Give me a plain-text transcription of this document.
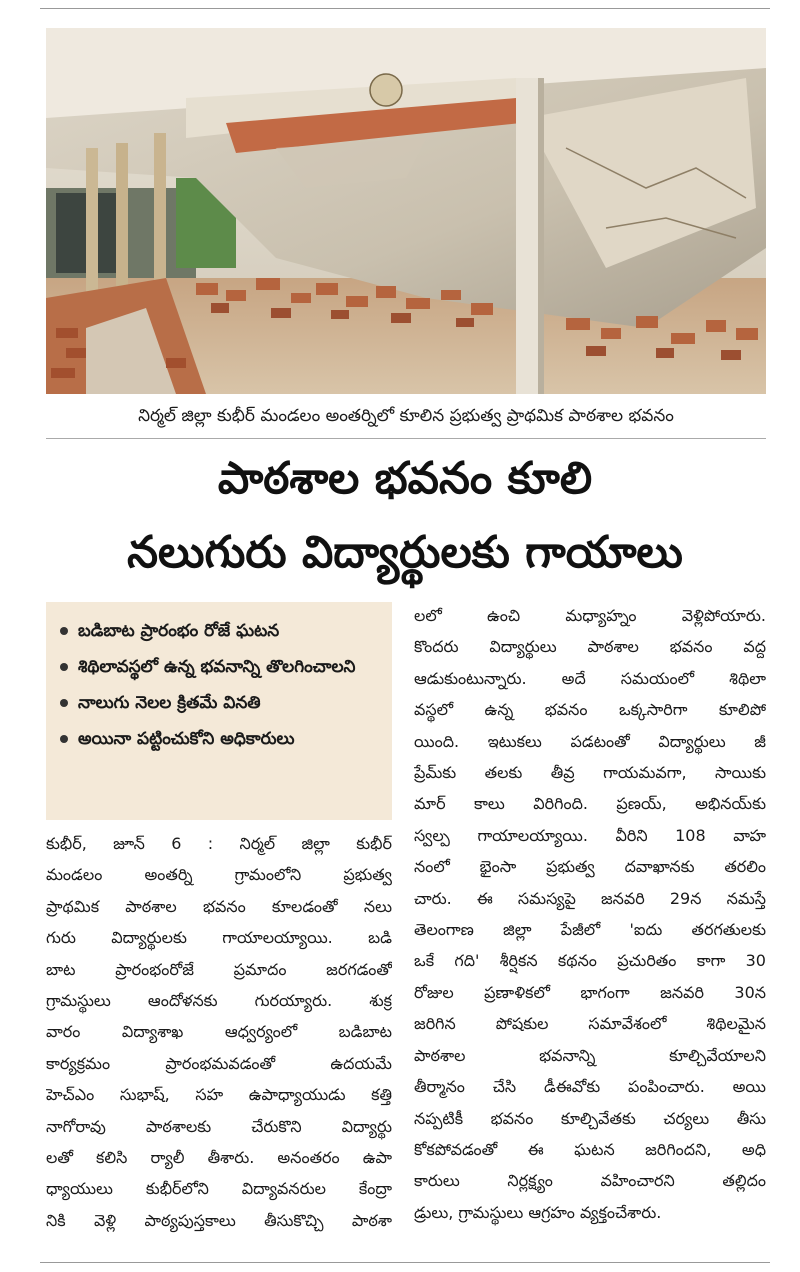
నిర్మల్ జిల్లా కుభీర్ మండలం అంతర్నిలో కూలిన ప్రభుత్వ ప్రాథమిక పాఠశాల భవనం
పాఠశాల భవనం కూలి
నలుగురు విద్యార్థులకు గాయాలు
బడిబాట ప్రారంభం రోజే ఘటన
శిథిలావస్థలో ఉన్న భవనాన్ని తొలగించాలని
నాలుగు నెలల క్రితమే వినతి
అయినా పట్టించుకోని అధికారులు
కుభీర్, జూన్ 6 : నిర్మల్ జిల్లా కుభీర్
మండలం అంతర్ని గ్రామంలోని ప్రభుత్వ
ప్రాథమిక పాఠశాల భవనం కూలడంతో నలు
గురు విద్యార్థులకు గాయాలయ్యాయి. బడి
బాట ప్రారంభంరోజే ప్రమాదం జరగడంతో
గ్రామస్థులు ఆందోళనకు గురయ్యారు. శుక్ర
వారం విద్యాశాఖ ఆధ్వర్యంలో బడిబాట
కార్యక్రమం ప్రారంభమవడంతో ఉదయమే
హెచ్ఎం సుభాష్, సహ ఉపాధ్యాయుడు కత్తి
నాగోరావు పాఠశాలకు చేరుకొని విద్యార్థు
లతో కలిసి ర్యాలీ తీశారు. అనంతరం ఉపా
ధ్యాయులు కుభీర్‌లోని విద్యావనరుల కేంద్రా
నికి వెళ్లి పాఠ్యపుస్తకాలు తీసుకొచ్చి పాఠశా
లలో ఉంచి మధ్యాహ్నం వెళ్లిపోయారు.
కొందరు విద్యార్థులు పాఠశాల భవనం వద్ద
ఆడుకుంటున్నారు. అదే సమయంలో శిథిలా
వస్థలో ఉన్న భవనం ఒక్కసారిగా కూలిపో
యింది. ఇటుకలు పడటంతో విద్యార్థులు జీ
ప్రేమ్‌కు తలకు తీవ్ర గాయమవగా, సాయికు
మార్ కాలు విరిగింది. ప్రణయ్, అభినయ్‌కు
స్వల్ప గాయాలయ్యాయి. వీరిని 108 వాహ
నంలో భైంసా ప్రభుత్వ దవాఖానకు తరలిం
చారు. ఈ సమస్యపై జనవరి 29న నమస్తే
తెలంగాణ జిల్లా పేజీలో 'ఐదు తరగతులకు
ఒకే గది' శీర్షికన కథనం ప్రచురితం కాగా 30
రోజుల ప్రణాళికలో భాగంగా జనవరి 30న
జరిగిన పోషకుల సమావేశంలో శిథిలమైన
పాఠశాల భవనాన్ని కూల్చివేయాలని
తీర్మానం చేసి డీఈవోకు పంపించారు. అయి
నప్పటికీ భవనం కూల్చివేతకు చర్యలు తీసు
కోకపోవడంతో ఈ ఘటన జరిగిందని, అధి
కారులు నిర్లక్ష్యం వహించారని తల్లిదం
డ్రులు, గ్రామస్థులు ఆగ్రహం వ్యక్తంచేశారు.
